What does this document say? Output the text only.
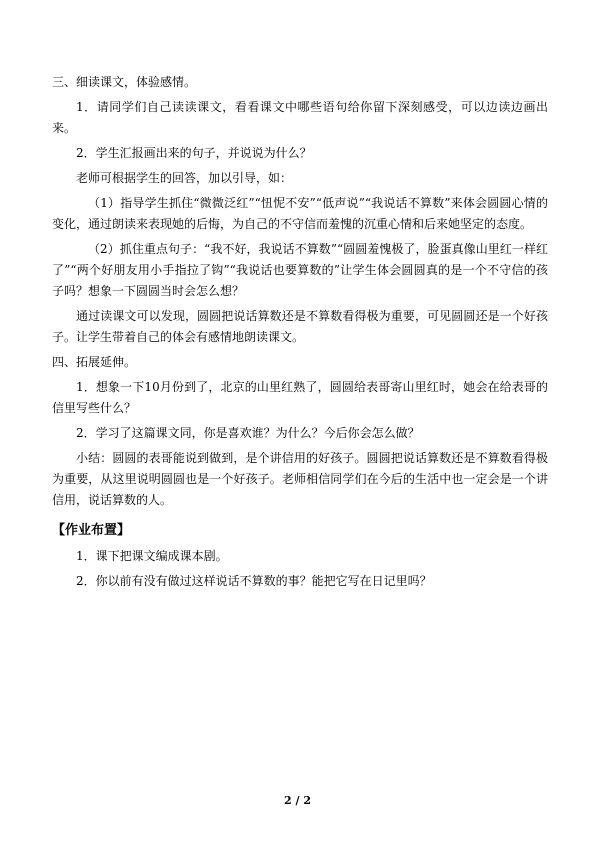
三、细读课文，体验感情。

1．请同学们自己读读课文，看看课文中哪些语句给你留下深刻感受，可以边读边画出来。

2．学生汇报画出来的句子，并说说为什么？

老师可根据学生的回答，加以引导，如：

（1）指导学生抓住“微微泛红”“忸怩不安”“低声说”“我说话不算数”来体会圆圆心情的变化，通过朗读来表现她的后悔，为自己的不守信而羞愧的沉重心情和后来她坚定的态度。

（2）抓住重点句子：“我不好，我说话不算数”“圆圆羞愧极了，脸蛋真像山里红一样红了”“两个好朋友用小手指拉了钩”“我说话也要算数的”让学生体会圆圆真的是一个不守信的孩子吗？想象一下圆圆当时会怎么想？

通过读课文可以发现，圆圆把说话算数还是不算数看得极为重要，可见圆圆还是一个好孩子。让学生带着自己的体会有感情地朗读课文。

四、拓展延伸。

1．想象一下10月份到了，北京的山里红熟了，圆圆给表哥寄山里红时，她会在给表哥的信里写些什么？

2．学习了这篇课文同，你是喜欢谁？为什么？今后你会怎么做？

小结：圆圆的表哥能说到做到，是个讲信用的好孩子。圆圆把说话算数还是不算数看得极为重要，从这里说明圆圆也是一个好孩子。老师相信同学们在今后的生活中也一定会是一个讲信用，说话算数的人。

【作业布置】

1．课下把课文编成课本剧。

2．你以前有没有做过这样说话不算数的事？能把它写在日记里吗？

2 / 2
